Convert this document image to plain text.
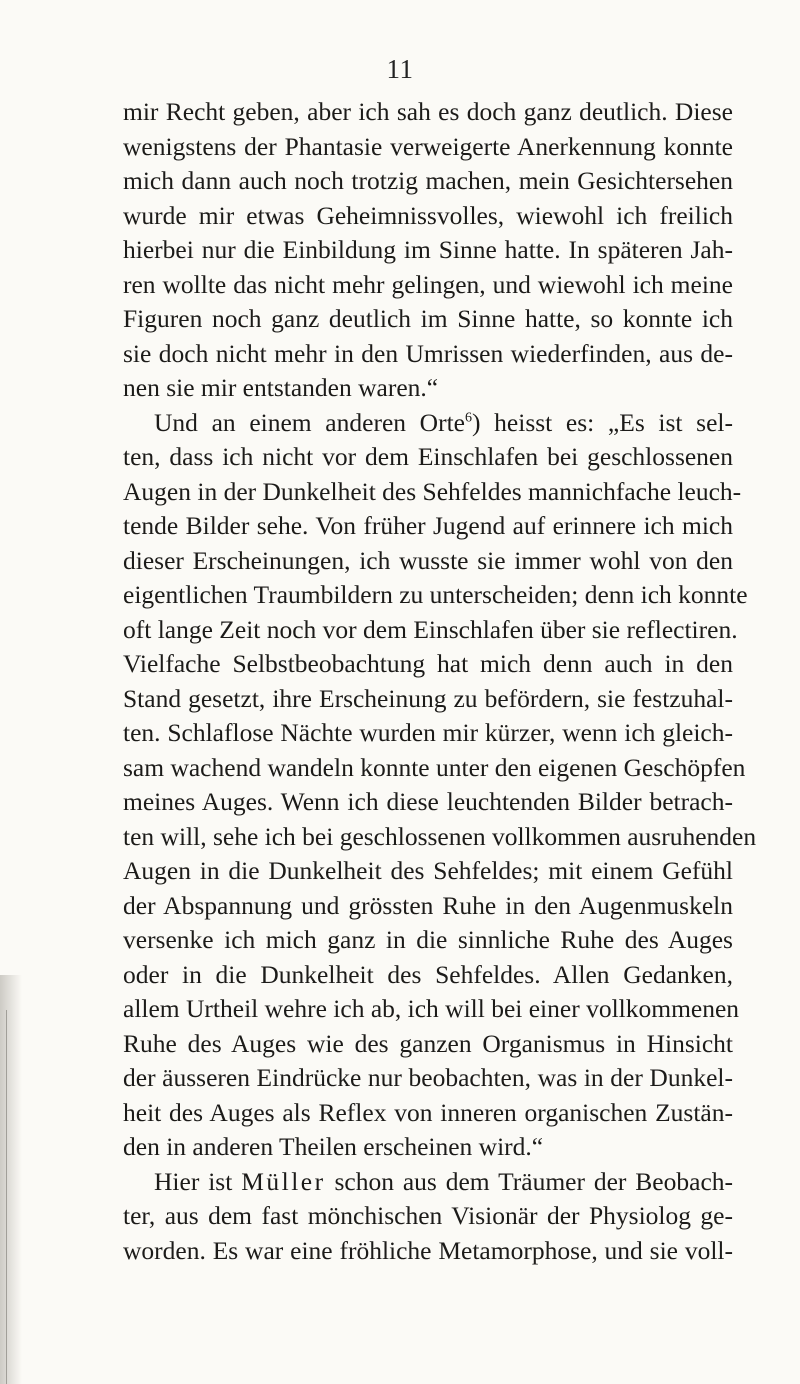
11
mir Recht geben, aber ich sah es doch ganz deutlich. Diese
wenigstens der Phantasie verweigerte Anerkennung konnte
mich dann auch noch trotzig machen, mein Gesichtersehen
wurde mir etwas Geheimnissvolles, wiewohl ich freilich
hierbei nur die Einbildung im Sinne hatte. In späteren Jah-
ren wollte das nicht mehr gelingen, und wiewohl ich meine
Figuren noch ganz deutlich im Sinne hatte, so konnte ich
sie doch nicht mehr in den Umrissen wiederfinden, aus de-
nen sie mir entstanden waren.“
Und an einem anderen Orte$^6$) heisst es: „Es ist sel-
ten, dass ich nicht vor dem Einschlafen bei geschlossenen
Augen in der Dunkelheit des Sehfeldes mannichfache leuch-
tende Bilder sehe. Von früher Jugend auf erinnere ich mich
dieser Erscheinungen, ich wusste sie immer wohl von den
eigentlichen Traumbildern zu unterscheiden; denn ich konnte
oft lange Zeit noch vor dem Einschlafen über sie reflectiren.
Vielfache Selbstbeobachtung hat mich denn auch in den
Stand gesetzt, ihre Erscheinung zu befördern, sie festzuhal-
ten. Schlaflose Nächte wurden mir kürzer, wenn ich gleich-
sam wachend wandeln konnte unter den eigenen Geschöpfen
meines Auges. Wenn ich diese leuchtenden Bilder betrach-
ten will, sehe ich bei geschlossenen vollkommen ausruhenden
Augen in die Dunkelheit des Sehfeldes; mit einem Gefühl
der Abspannung und grössten Ruhe in den Augenmuskeln
versenke ich mich ganz in die sinnliche Ruhe des Auges
oder in die Dunkelheit des Sehfeldes. Allen Gedanken,
allem Urtheil wehre ich ab, ich will bei einer vollkommenen
Ruhe des Auges wie des ganzen Organismus in Hinsicht
der äusseren Eindrücke nur beobachten, was in der Dunkel-
heit des Auges als Reflex von inneren organischen Zustän-
den in anderen Theilen erscheinen wird.“
Hier ist Müller schon aus dem Träumer der Beobach-
ter, aus dem fast mönchischen Visionär der Physiolog ge-
worden. Es war eine fröhliche Metamorphose, und sie voll-
